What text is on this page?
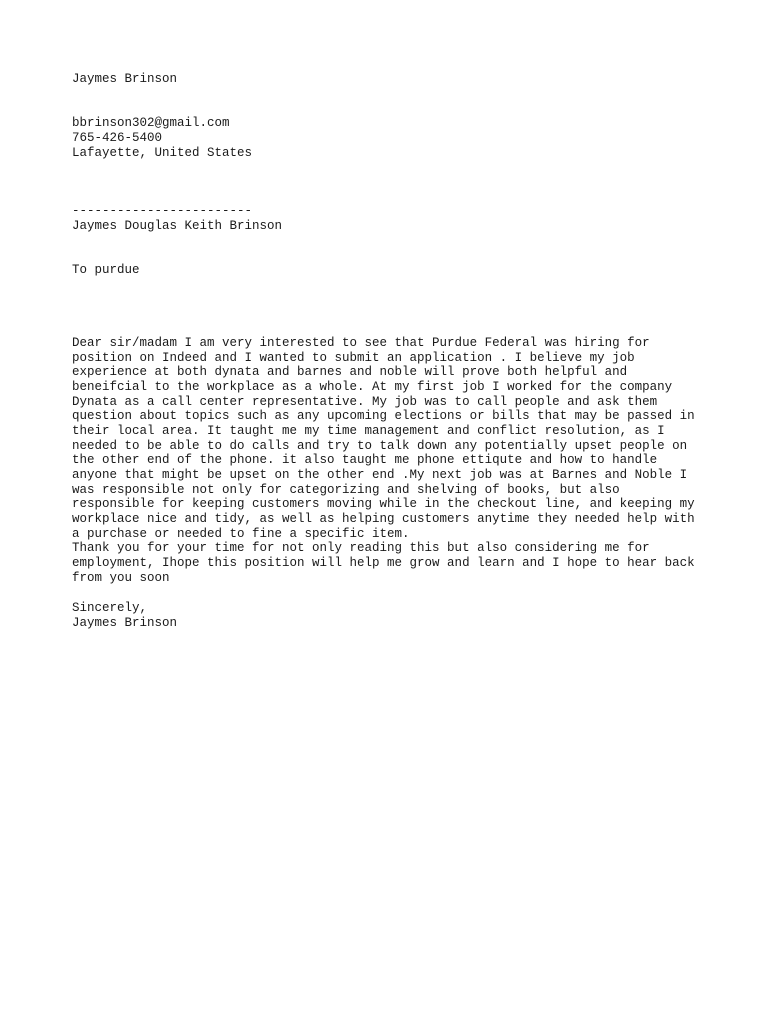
Jaymes Brinson

bbrinson302@gmail.com

765-426-5400

Lafayette, United States

------------------------

Jaymes Douglas Keith Brinson

To purdue

Dear sir/madam I am very interested to see that Purdue Federal was hiring for
position on Indeed and I wanted to submit an application . I believe my job
experience at both dynata and barnes and noble will prove both helpful and
beneifcial to the workplace as a whole. At my first job I worked for the company
Dynata as a call center representative. My job was to call people and ask them
question about topics such as any upcoming elections or bills that may be passed in
their local area. It taught me my time management and conflict resolution, as I
needed to be able to do calls and try to talk down any potentially upset people on
the other end of the phone. it also taught me phone ettiqute and how to handle
anyone that might be upset on the other end .My next job was at Barnes and Noble I
was responsible not only for categorizing and shelving of books, but also
responsible for keeping customers moving while in the checkout line, and keeping my
workplace nice and tidy, as well as helping customers anytime they needed help with
a purchase or needed to fine a specific item.
Thank you for your time for not only reading this but also considering me for
employment, Ihope this position will help me grow and learn and I hope to hear back
from you soon

Sincerely,

Jaymes Brinson
